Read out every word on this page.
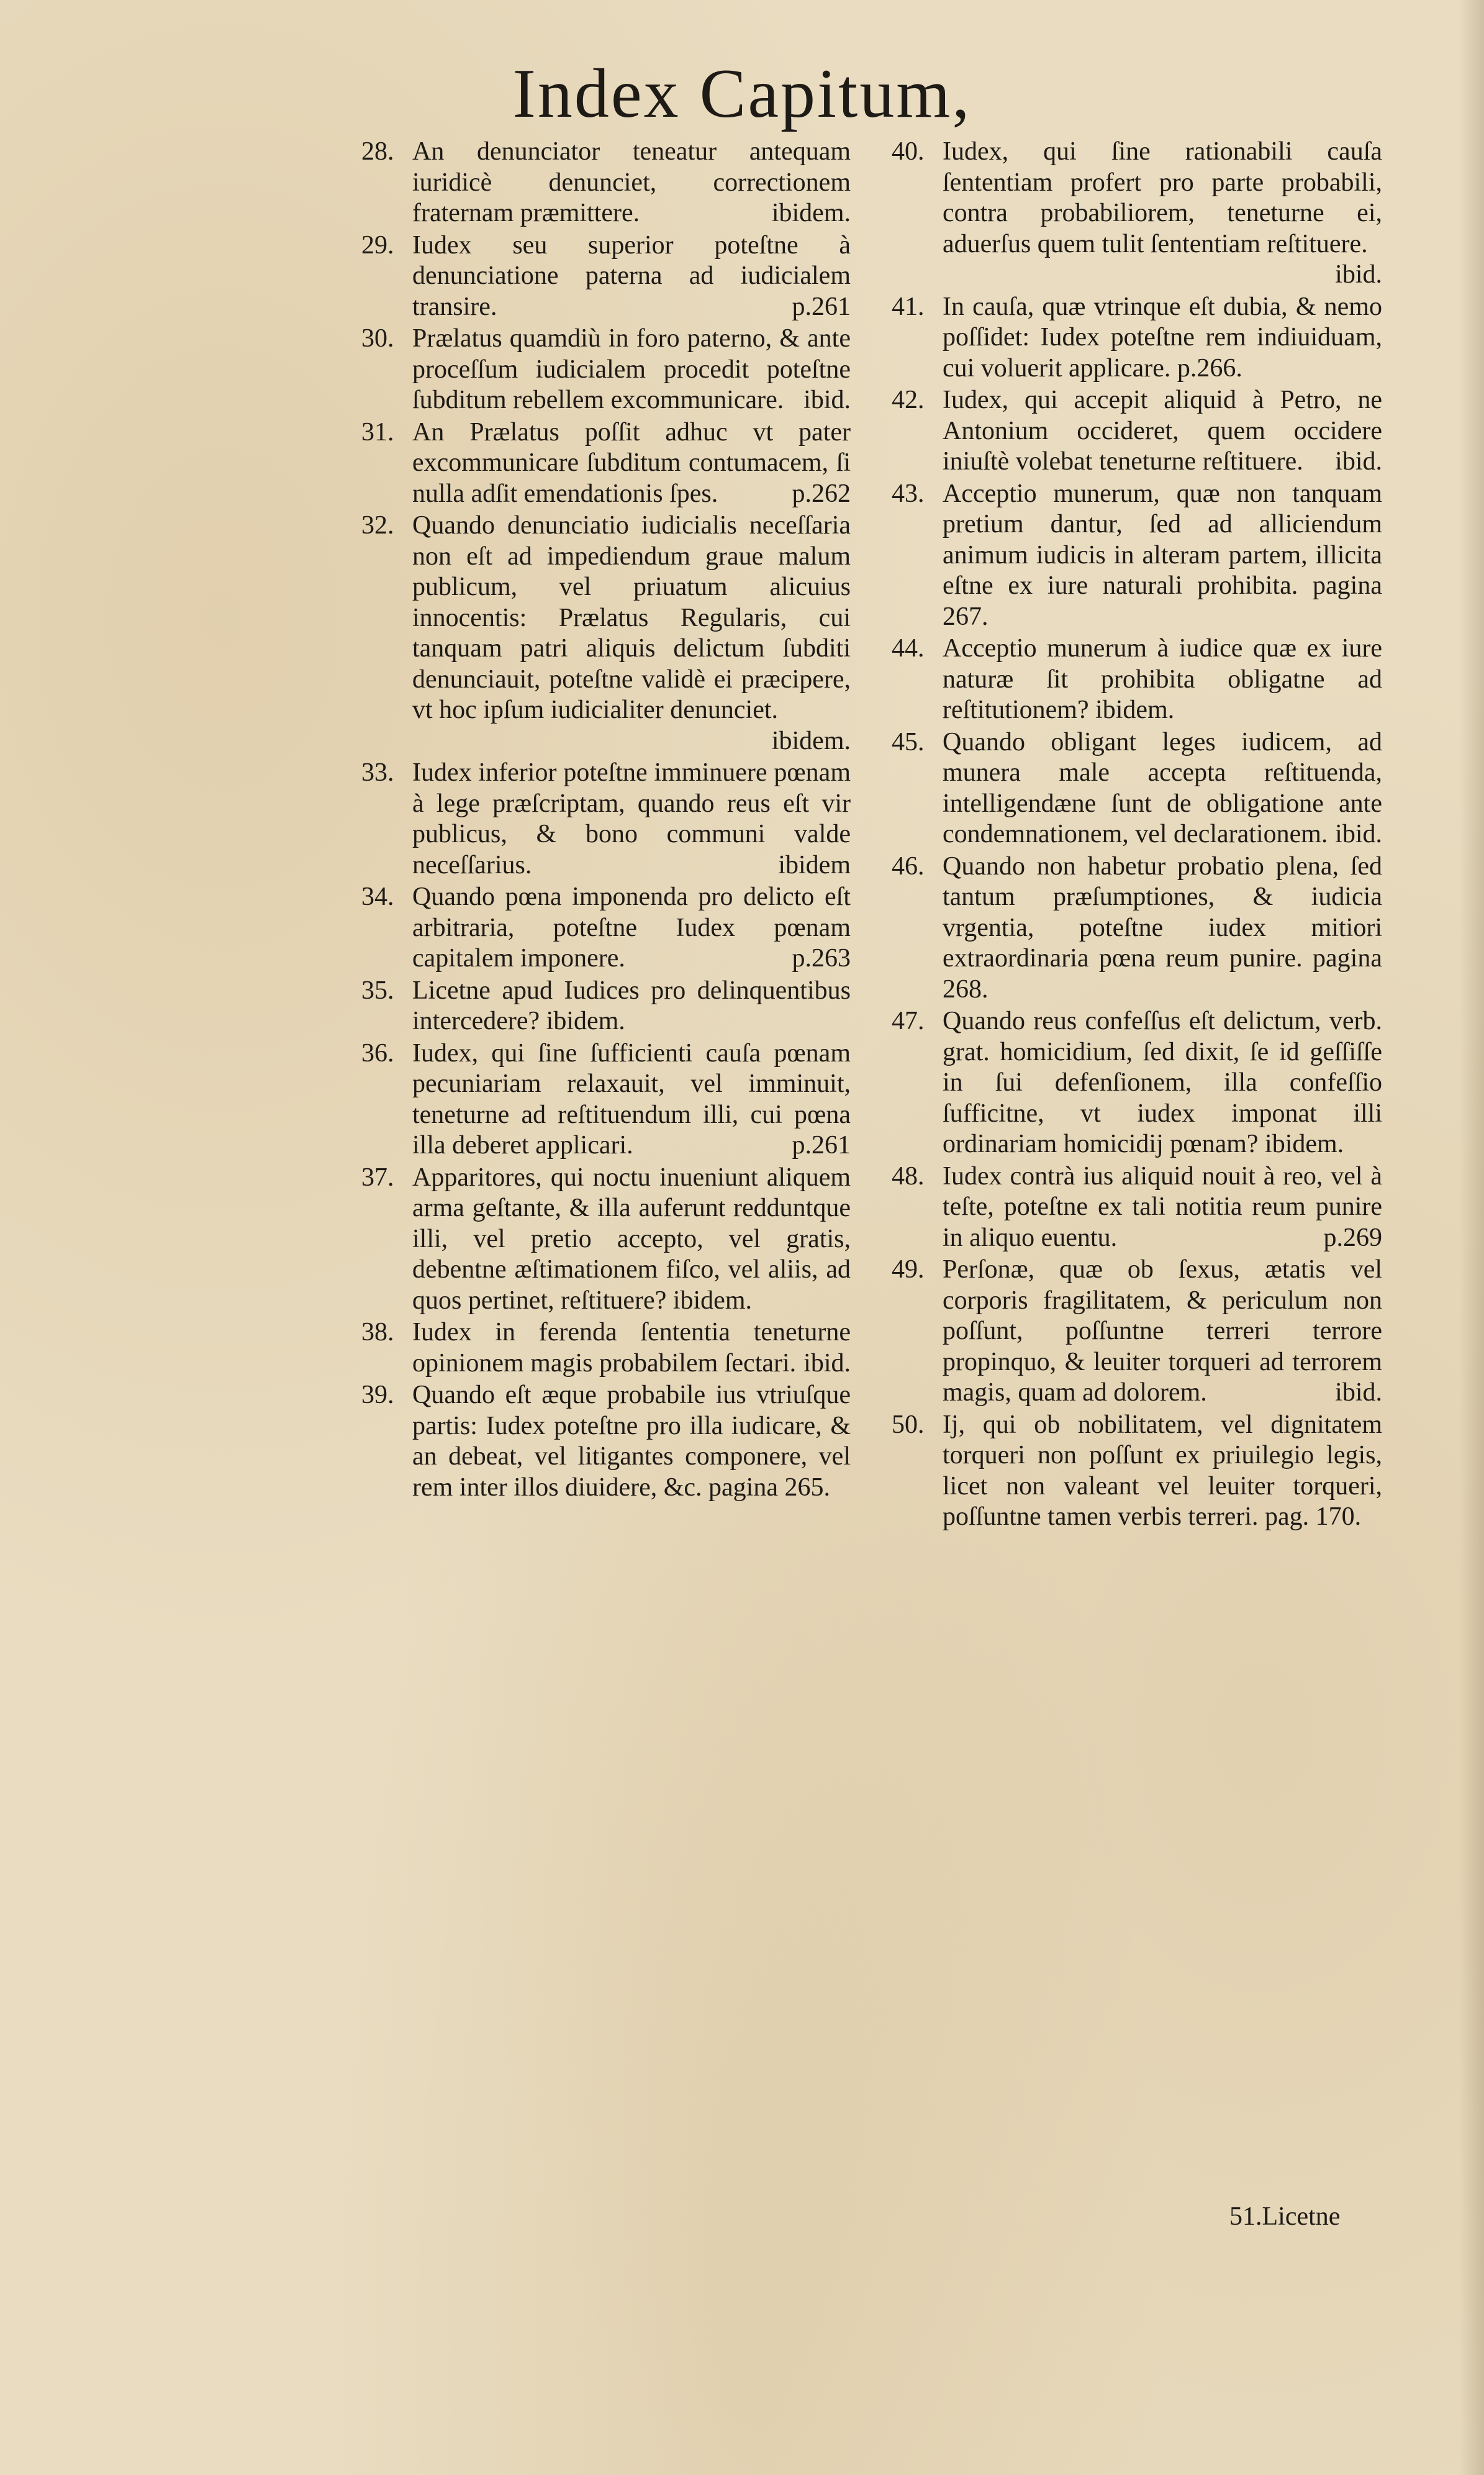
Index Capitum,
28. An denunciator teneatur antequam iuridicè denunciet, correctionem fraternam præmittere.	ibidem.
29. Iudex seu superior poteſtne à denunciatione paterna ad iudicialem transire.	p.261
30. Prælatus quamdiù in foro paterno, & ante proceſſum iudicialem procedit poteſtne ſubditum rebellem excommunicare. ibid.
31. An Prælatus poſſit adhuc vt pater excommunicare ſubditum contumacem, ſi nulla adſit emendationis ſpes.	p.262
32. Quando denunciatio iudicialis neceſſaria non eſt ad impediendum graue malum publicum, vel priuatum alicuius innocentis: Prælatus Regularis, cui tanquam patri aliquis delictum ſubditi denunciauit, poteſtne validè ei præcipere, vt hoc ipſum iudicialiter denunciet.
ibidem.
33. Iudex inferior poteſtne imminuere pœnam à lege præſcriptam, quando reus eſt vir publicus, & bono communi valde neceſſarius.	ibidem
34. Quando pœna imponenda pro delicto eſt arbitraria, poteſtne Iudex pœnam capitalem imponere.	p.263
35. Licetne apud Iudices pro delinquentibus intercedere? ibidem.
36. Iudex, qui ſine ſufficienti cauſa pœnam pecuniariam relaxauit, vel imminuit, teneturne ad reſtituendum illi, cui pœna illa deberet applicari.	p.261
37. Apparitores, qui noctu inueniunt aliquem arma geſtante, & illa auferunt redduntque illi, vel pretio accepto, vel gratis, debentne æſtimationem fiſco, vel aliis, ad quos pertinet, reſtituere? ibidem.
38. Iudex in ferenda ſententia teneturne opinionem magis probabilem ſectari. ibid.
39. Quando eſt æque probabile ius vtriuſque partis: Iudex poteſtne pro illa iudicare, & an debeat, vel litigantes componere, vel rem inter illos diuidere, &c. pagina 265.
40. Iudex, qui ſine rationabili cauſa ſententiam profert pro parte probabili, contra probabiliorem, teneturne ei, aduerſus quem tulit ſententiam reſtituere.
ibid.
41. In cauſa, quæ vtrinque eſt dubia, & nemo poſſidet: Iudex poteſtne rem indiuiduam, cui voluerit applicare. p.266.
42. Iudex, qui accepit aliquid à Petro, ne Antonium occideret, quem occidere iniuſtè volebat teneturne reſtituere. ibid.
43. Acceptio munerum, quæ non tanquam pretium dantur, ſed ad alliciendum animum iudicis in alteram partem, illicita eſtne ex iure naturali prohibita. pagina 267.
44. Acceptio munerum à iudice quæ ex iure naturæ ſit prohibita obligatne ad reſtitutionem? ibidem.
45. Quando obligant leges iudicem, ad munera male accepta reſtituenda, intelligendæne ſunt de obligatione ante condemnationem, vel declarationem. ibid.
46. Quando non habetur probatio plena, ſed tantum præſumptiones, & iudicia vrgentia, poteſtne iudex mitiori extraordinaria pœna reum punire. pagina 268.
47. Quando reus confeſſus eſt delictum, verb. grat. homicidium, ſed dixit, ſe id geſſiſſe in ſui defenſionem, illa confeſſio ſufficitne, vt iudex imponat illi ordinariam homicidij pœnam? ibidem.
48. Iudex contrà ius aliquid nouit à reo, vel à teſte, poteſtne ex tali notitia reum punire in aliquo euentu.	p.269
49. Perſonæ, quæ ob ſexus, ætatis vel corporis fragilitatem, & periculum non poſſunt, poſſuntne terreri terrore propinquo, & leuiter torqueri ad terrorem magis, quam ad dolorem.	ibid.
50. Ij, qui ob nobilitatem, vel dignitatem torqueri non poſſunt ex priuilegio legis, licet non valeant vel leuiter torqueri, poſſuntne tamen verbis terreri. pag. 170.
51.Licetne
